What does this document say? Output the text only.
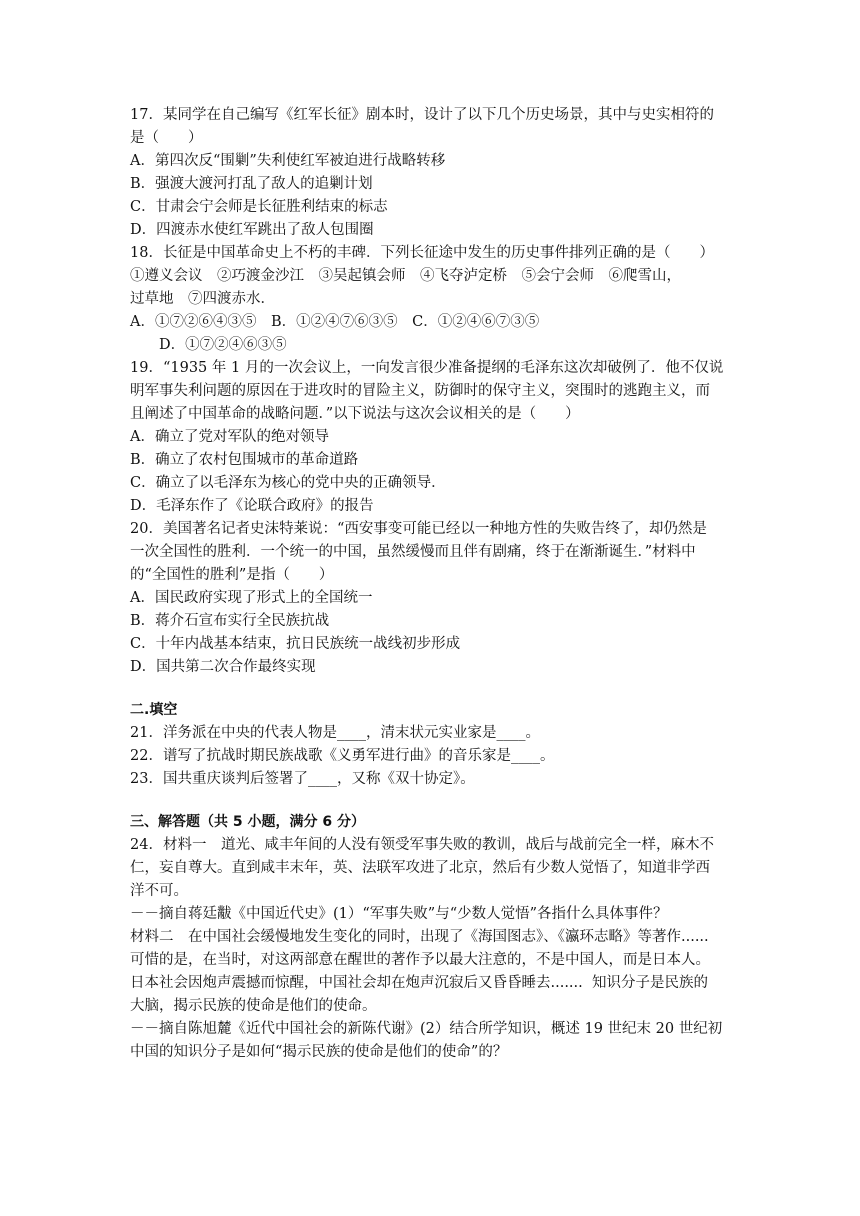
17．某同学在自己编写《红军长征》剧本时，设计了以下几个历史场景，其中与史实相符的
是（　　）
A．第四次反“围剿”失利使红军被迫进行战略转移
B．强渡大渡河打乱了敌人的追剿计划
C．甘肃会宁会师是长征胜利结束的标志
D．四渡赤水使红军跳出了敌人包围圈
18．长征是中国革命史上不朽的丰碑．下列长征途中发生的历史事件排列正确的是（　　）
①遵义会议　②巧渡金沙江　③吴起镇会师　④飞夺泸定桥　⑤会宁会师　⑥爬雪山，
过草地　⑦四渡赤水．
A．①⑦②⑥④③⑤　B．①②④⑦⑥③⑤　C．①②④⑥⑦③⑤
　　D．①⑦②④⑥③⑤
19．“1935 年 1 月的一次会议上，一向发言很少准备提纲的毛泽东这次却破例了．他不仅说
明军事失利问题的原因在于进攻时的冒险主义，防御时的保守主义，突围时的逃跑主义，而
且阐述了中国革命的战略问题．”以下说法与这次会议相关的是（　　）
A．确立了党对军队的绝对领导
B．确立了农村包围城市的革命道路
C．确立了以毛泽东为核心的党中央的正确领导．
D．毛泽东作了《论联合政府》的报告
20．美国著名记者史沫特莱说：“西安事变可能已经以一种地方性的失败告终了，却仍然是
一次全国性的胜利．一个统一的中国，虽然缓慢而且伴有剧痛，终于在渐渐诞生．”材料中
的“全国性的胜利”是指（　　）
A．国民政府实现了形式上的全国统一
B．蒋介石宣布实行全民族抗战
C．十年内战基本结束，抗日民族统一战线初步形成
D．国共第二次合作最终实现
二.填空
21．洋务派在中央的代表人物是____，清末状元实业家是____。
22．谱写了抗战时期民族战歌《义勇军进行曲》的音乐家是____。
23．国共重庆谈判后签署了____，又称《双十协定》。
三、解答题（共 5 小题，满分 6 分）
24．材料一　道光、咸丰年间的人没有领受军事失败的教训，战后与战前完全一样，麻木不
仁，妄自尊大。直到咸丰末年，英、法联军攻进了北京，然后有少数人觉悟了，知道非学西
洋不可。
－－摘自蒋廷黻《中国近代史》(1）“军事失败”与“少数人觉悟”各指什么具体事件？
材料二　在中国社会缓慢地发生变化的同时，出现了《海国图志》、《瀛环志略》等著作......
可惜的是，在当时，对这两部意在醒世的著作予以最大注意的，不是中国人，而是日本人。
日本社会因炮声震撼而惊醒，中国社会却在炮声沉寂后又昏昏睡去.......  知识分子是民族的
大脑，揭示民族的使命是他们的使命。
－－摘自陈旭麓《近代中国社会的新陈代谢》(2）结合所学知识，概述 19 世纪末 20 世纪初
中国的知识分子是如何“揭示民族的使命是他们的使命”的？
